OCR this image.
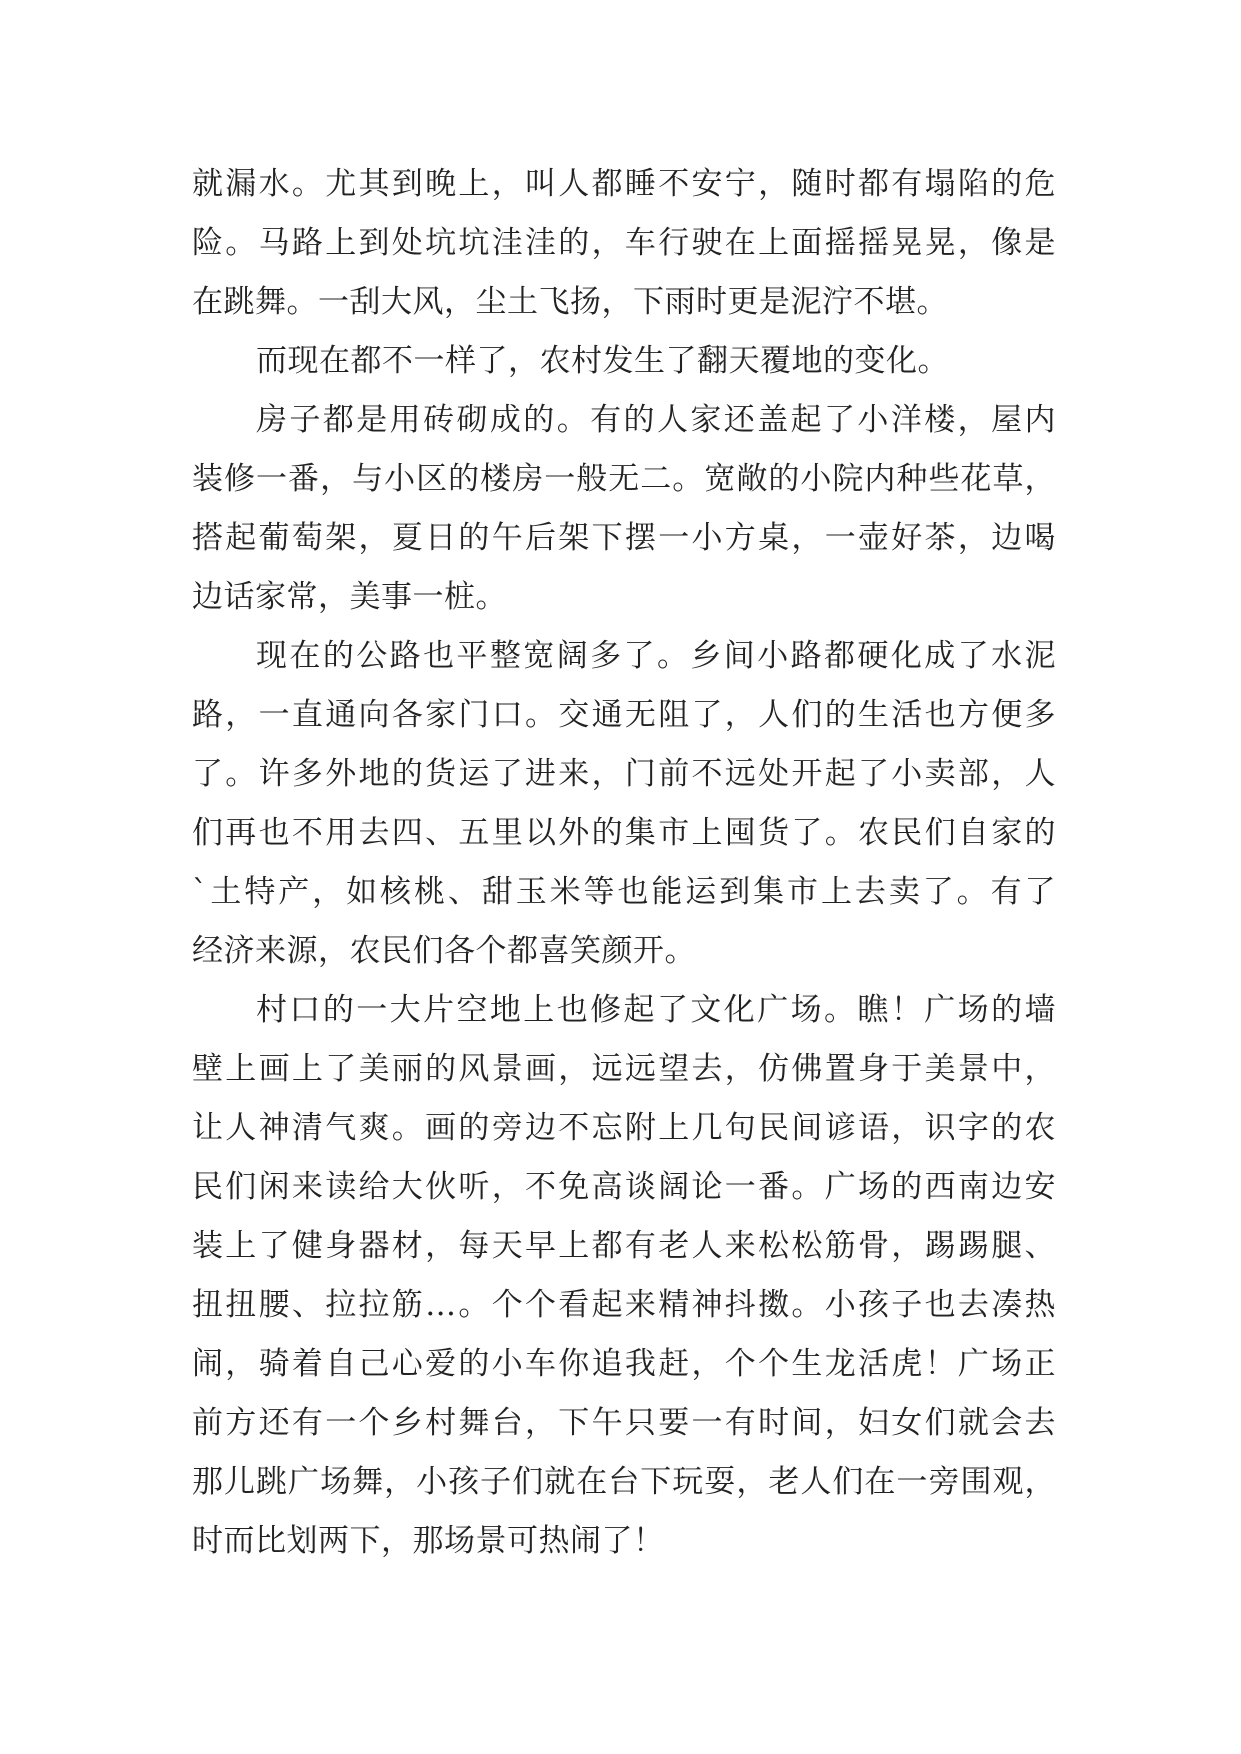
就漏水。尤其到晚上，叫人都睡不安宁，随时都有塌陷的危
险。马路上到处坑坑洼洼的，车行驶在上面摇摇晃晃，像是
在跳舞。一刮大风，尘土飞扬，下雨时更是泥泞不堪。
而现在都不一样了，农村发生了翻天覆地的变化。
房子都是用砖砌成的。有的人家还盖起了小洋楼，屋内
装修一番，与小区的楼房一般无二。宽敞的小院内种些花草，
搭起葡萄架，夏日的午后架下摆一小方桌，一壶好茶，边喝
边话家常，美事一桩。
现在的公路也平整宽阔多了。乡间小路都硬化成了水泥
路，一直通向各家门口。交通无阻了，人们的生活也方便多
了。许多外地的货运了进来，门前不远处开起了小卖部，人
们再也不用去四、五里以外的集市上囤货了。农民们自家的
`土特产，如核桃、甜玉米等也能运到集市上去卖了。有了
经济来源，农民们各个都喜笑颜开。
村口的一大片空地上也修起了文化广场。瞧！广场的墙
壁上画上了美丽的风景画，远远望去，仿佛置身于美景中，
让人神清气爽。画的旁边不忘附上几句民间谚语，识字的农
民们闲来读给大伙听，不免高谈阔论一番。广场的西南边安
装上了健身器材，每天早上都有老人来松松筋骨，踢踢腿、
扭扭腰、拉拉筋…。个个看起来精神抖擞。小孩子也去凑热
闹，骑着自己心爱的小车你追我赶，个个生龙活虎！广场正
前方还有一个乡村舞台，下午只要一有时间，妇女们就会去
那儿跳广场舞，小孩子们就在台下玩耍，老人们在一旁围观，
时而比划两下，那场景可热闹了！
